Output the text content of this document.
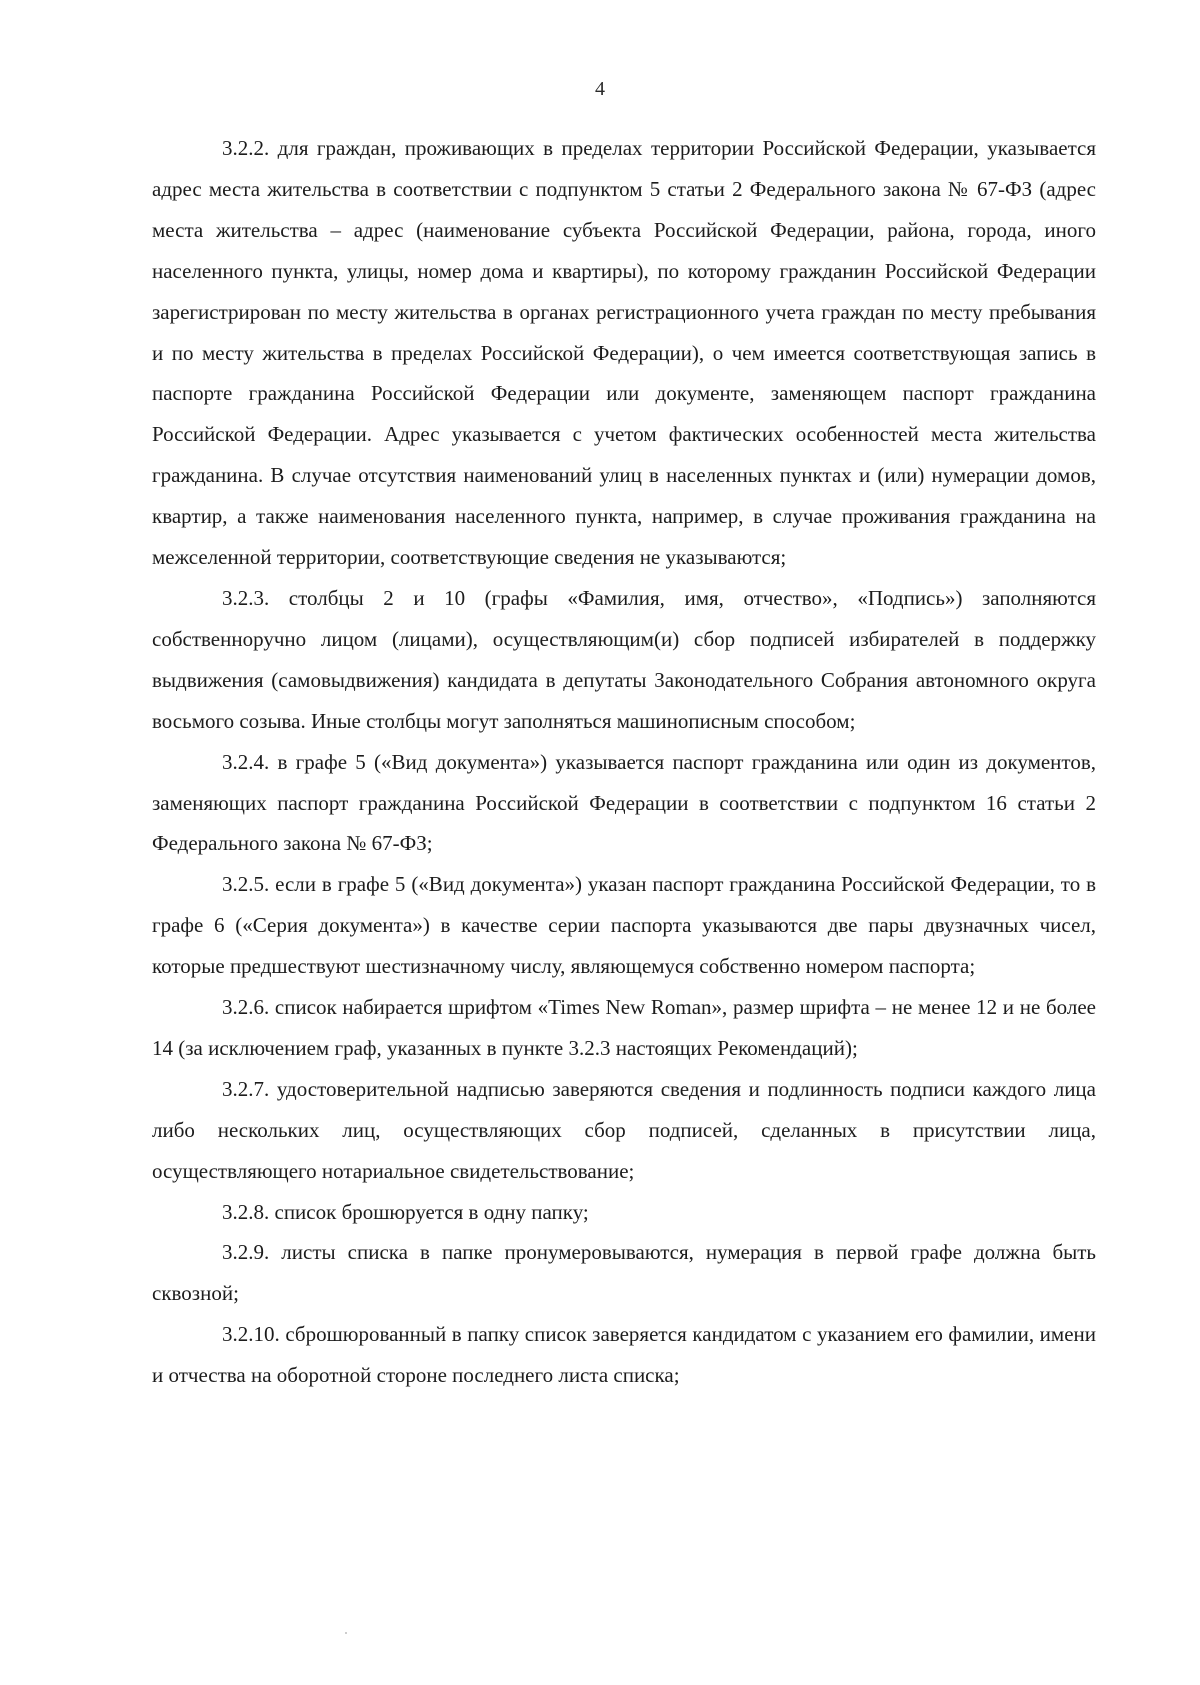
4

3.2.2. для граждан, проживающих в пределах территории Российской Федерации, указывается адрес места жительства в соответствии с подпунктом 5 статьи 2 Федерального закона № 67-ФЗ (адрес места жительства – адрес (наименование субъекта Российской Федерации, района, города, иного населенного пункта, улицы, номер дома и квартиры), по которому гражданин Российской Федерации зарегистрирован по месту жительства в органах регистрационного учета граждан по месту пребывания и по месту жительства в пределах Российской Федерации), о чем имеется соответствующая запись в паспорте гражданина Российской Федерации или документе, заменяющем паспорт гражданина Российской Федерации. Адрес указывается с учетом фактических особенностей места жительства гражданина. В случае отсутствия наименований улиц в населенных пунктах и (или) нумерации домов, квартир, а также наименования населенного пункта, например, в случае проживания гражданина на межселенной территории, соответствующие сведения не указываются;

3.2.3. столбцы 2 и 10 (графы «Фамилия, имя, отчество», «Подпись») заполняются собственноручно лицом (лицами), осуществляющим(и) сбор подписей избирателей в поддержку выдвижения (самовыдвижения) кандидата в депутаты Законодательного Собрания автономного округа восьмого созыва. Иные столбцы могут заполняться машинописным способом;

3.2.4. в графе 5 («Вид документа») указывается паспорт гражданина или один из документов, заменяющих паспорт гражданина Российской Федерации в соответствии с подпунктом 16 статьи 2 Федерального закона № 67-ФЗ;

3.2.5. если в графе 5 («Вид документа») указан паспорт гражданина Российской Федерации, то в графе 6 («Серия документа») в качестве серии паспорта указываются две пары двузначных чисел, которые предшествуют шестизначному числу, являющемуся собственно номером паспорта;

3.2.6. список набирается шрифтом «Times New Roman», размер шрифта – не менее 12 и не более 14 (за исключением граф, указанных в пункте 3.2.3 настоящих Рекомендаций);

3.2.7. удостоверительной надписью заверяются сведения и подлинность подписи каждого лица либо нескольких лиц, осуществляющих сбор подписей, сделанных в присутствии лица, осуществляющего нотариальное свидетельствование;

3.2.8. список брошюруется в одну папку;

3.2.9. листы списка в папке пронумеровываются, нумерация в первой графе должна быть сквозной;

3.2.10. сброшюрованный в папку список заверяется кандидатом с указанием его фамилии, имени и отчества на оборотной стороне последнего листа списка;
